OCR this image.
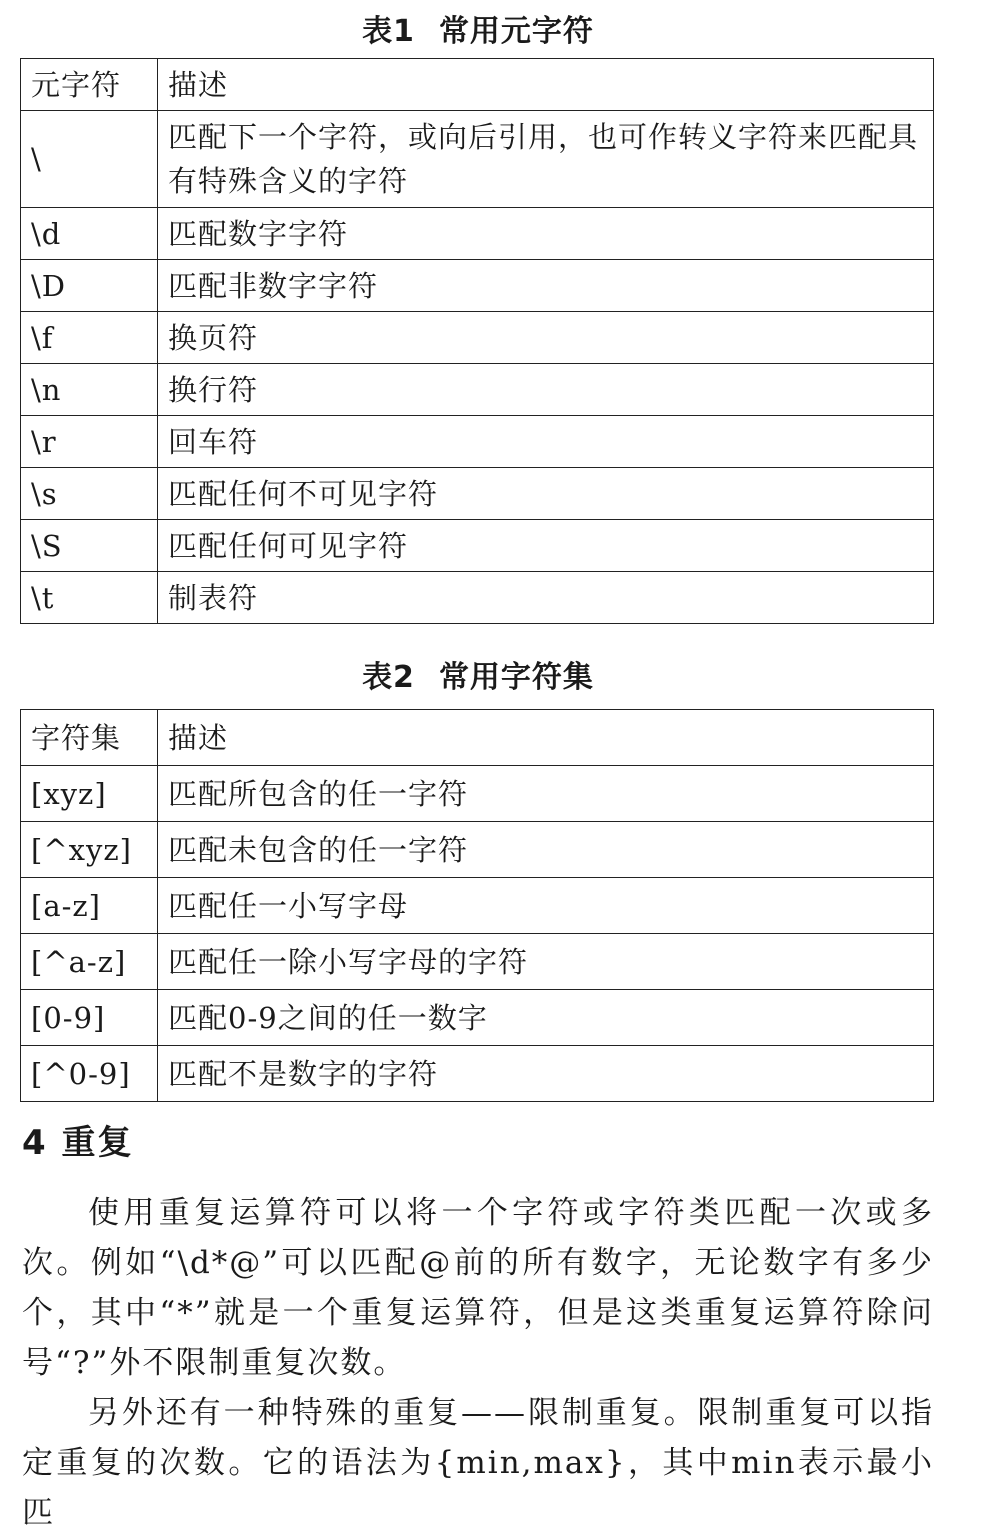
表1 常用元字符
元字符	描述
\	匹配下一个字符，或向后引用，也可作转义字符来匹配具有特殊含义的字符
\d	匹配数字字符
\D	匹配非数字字符
\f	换页符
\n	换行符
\r	回车符
\s	匹配任何不可见字符
\S	匹配任何可见字符
\t	制表符
表2 常用字符集
字符集	描述
[xyz]	匹配所包含的任一字符
[^xyz]	匹配未包含的任一字符
[a-z]	匹配任一小写字母
[^a-z]	匹配任一除小写字母的字符
[0-9]	匹配0-9之间的任一数字
[^0-9]	匹配不是数字的字符
4 重复

使用重复运算符可以将一个字符或字符类匹配一次或多次。例如“\d*@”可以匹配@前的所有数字，无论数字有多少个，其中“*”就是一个重复运算符，但是这类重复运算符除问号“?”外不限制重复次数。

另外还有一种特殊的重复——限制重复。限制重复可以指定重复的次数。它的语法为{min,max}，其中min表示最小匹
